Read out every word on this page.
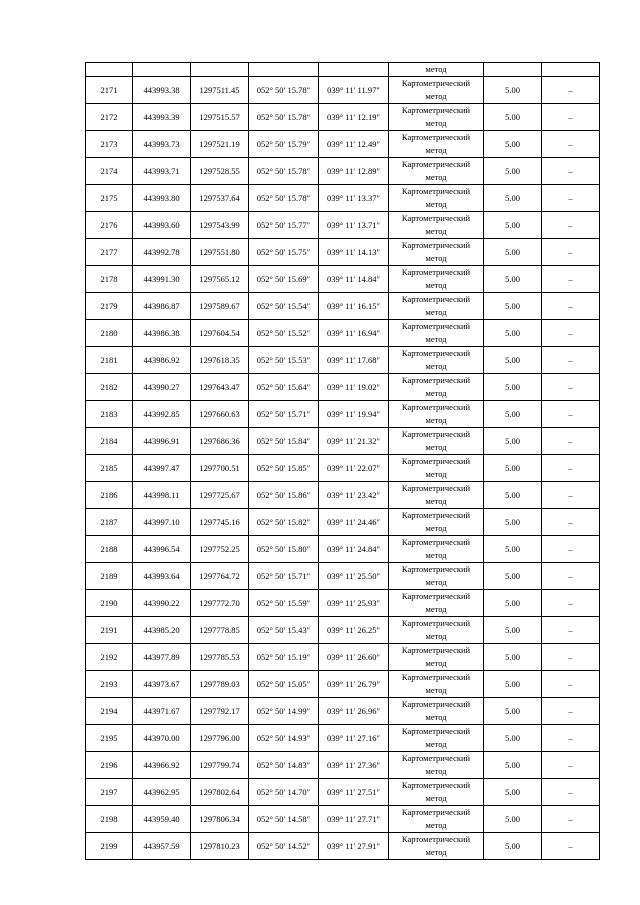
					метод		
2171	443993.38	1297511.45	052° 50′ 15.78″	039° 11′ 11.97″	Картометрический
метод	5.00	–
2172	443993.39	1297515.57	052° 50′ 15.78″	039° 11′ 12.19″	Картометрический
метод	5.00	–
2173	443993.73	1297521.19	052° 50′ 15.79″	039° 11′ 12.49″	Картометрический
метод	5.00	–
2174	443993.71	1297528.55	052° 50′ 15.78″	039° 11′ 12.89″	Картометрический
метод	5.00	–
2175	443993.80	1297537.64	052° 50′ 15.78″	039° 11′ 13.37″	Картометрический
метод	5.00	–
2176	443993.60	1297543.99	052° 50′ 15.77″	039° 11′ 13.71″	Картометрический
метод	5.00	–
2177	443992.78	1297551.80	052° 50′ 15.75″	039° 11′ 14.13″	Картометрический
метод	5.00	–
2178	443991.30	1297565.12	052° 50′ 15.69″	039° 11′ 14.84″	Картометрический
метод	5.00	–
2179	443986.87	1297589.67	052° 50′ 15.54″	039° 11′ 16.15″	Картометрический
метод	5.00	–
2180	443986.38	1297604.54	052° 50′ 15.52″	039° 11′ 16.94″	Картометрический
метод	5.00	–
2181	443986.92	1297618.35	052° 50′ 15.53″	039° 11′ 17.68″	Картометрический
метод	5.00	–
2182	443990.27	1297643.47	052° 50′ 15.64″	039° 11′ 19.02″	Картометрический
метод	5.00	–
2183	443992.85	1297660.63	052° 50′ 15.71″	039° 11′ 19.94″	Картометрический
метод	5.00	–
2184	443996.91	1297686.36	052° 50′ 15.84″	039° 11′ 21.32″	Картометрический
метод	5.00	–
2185	443997.47	1297700.51	052° 50′ 15.85″	039° 11′ 22.07″	Картометрический
метод	5.00	–
2186	443998.11	1297725.67	052° 50′ 15.86″	039° 11′ 23.42″	Картометрический
метод	5.00	–
2187	443997.10	1297745.16	052° 50′ 15.82″	039° 11′ 24.46″	Картометрический
метод	5.00	–
2188	443996.54	1297752.25	052° 50′ 15.80″	039° 11′ 24.84″	Картометрический
метод	5.00	–
2189	443993.64	1297764.72	052° 50′ 15.71″	039° 11′ 25.50″	Картометрический
метод	5.00	–
2190	443990.22	1297772.70	052° 50′ 15.59″	039° 11′ 25.93″	Картометрический
метод	5.00	–
2191	443985.20	1297778.85	052° 50′ 15.43″	039° 11′ 26.25″	Картометрический
метод	5.00	–
2192	443977.89	1297785.53	052° 50′ 15.19″	039° 11′ 26.60″	Картометрический
метод	5.00	–
2193	443973.67	1297789.03	052° 50′ 15.05″	039° 11′ 26.79″	Картометрический
метод	5.00	–
2194	443971.67	1297792.17	052° 50′ 14.99″	039° 11′ 26.96″	Картометрический
метод	5.00	–
2195	443970.00	1297796.00	052° 50′ 14.93″	039° 11′ 27.16″	Картометрический
метод	5.00	–
2196	443966.92	1297799.74	052° 50′ 14.83″	039° 11′ 27.36″	Картометрический
метод	5.00	–
2197	443962.95	1297802.64	052° 50′ 14.70″	039° 11′ 27.51″	Картометрический
метод	5.00	–
2198	443959.40	1297806.34	052° 50′ 14.58″	039° 11′ 27.71″	Картометрический
метод	5.00	–
2199	443957.59	1297810.23	052° 50′ 14.52″	039° 11′ 27.91″	Картометрический
метод	5.00	–
